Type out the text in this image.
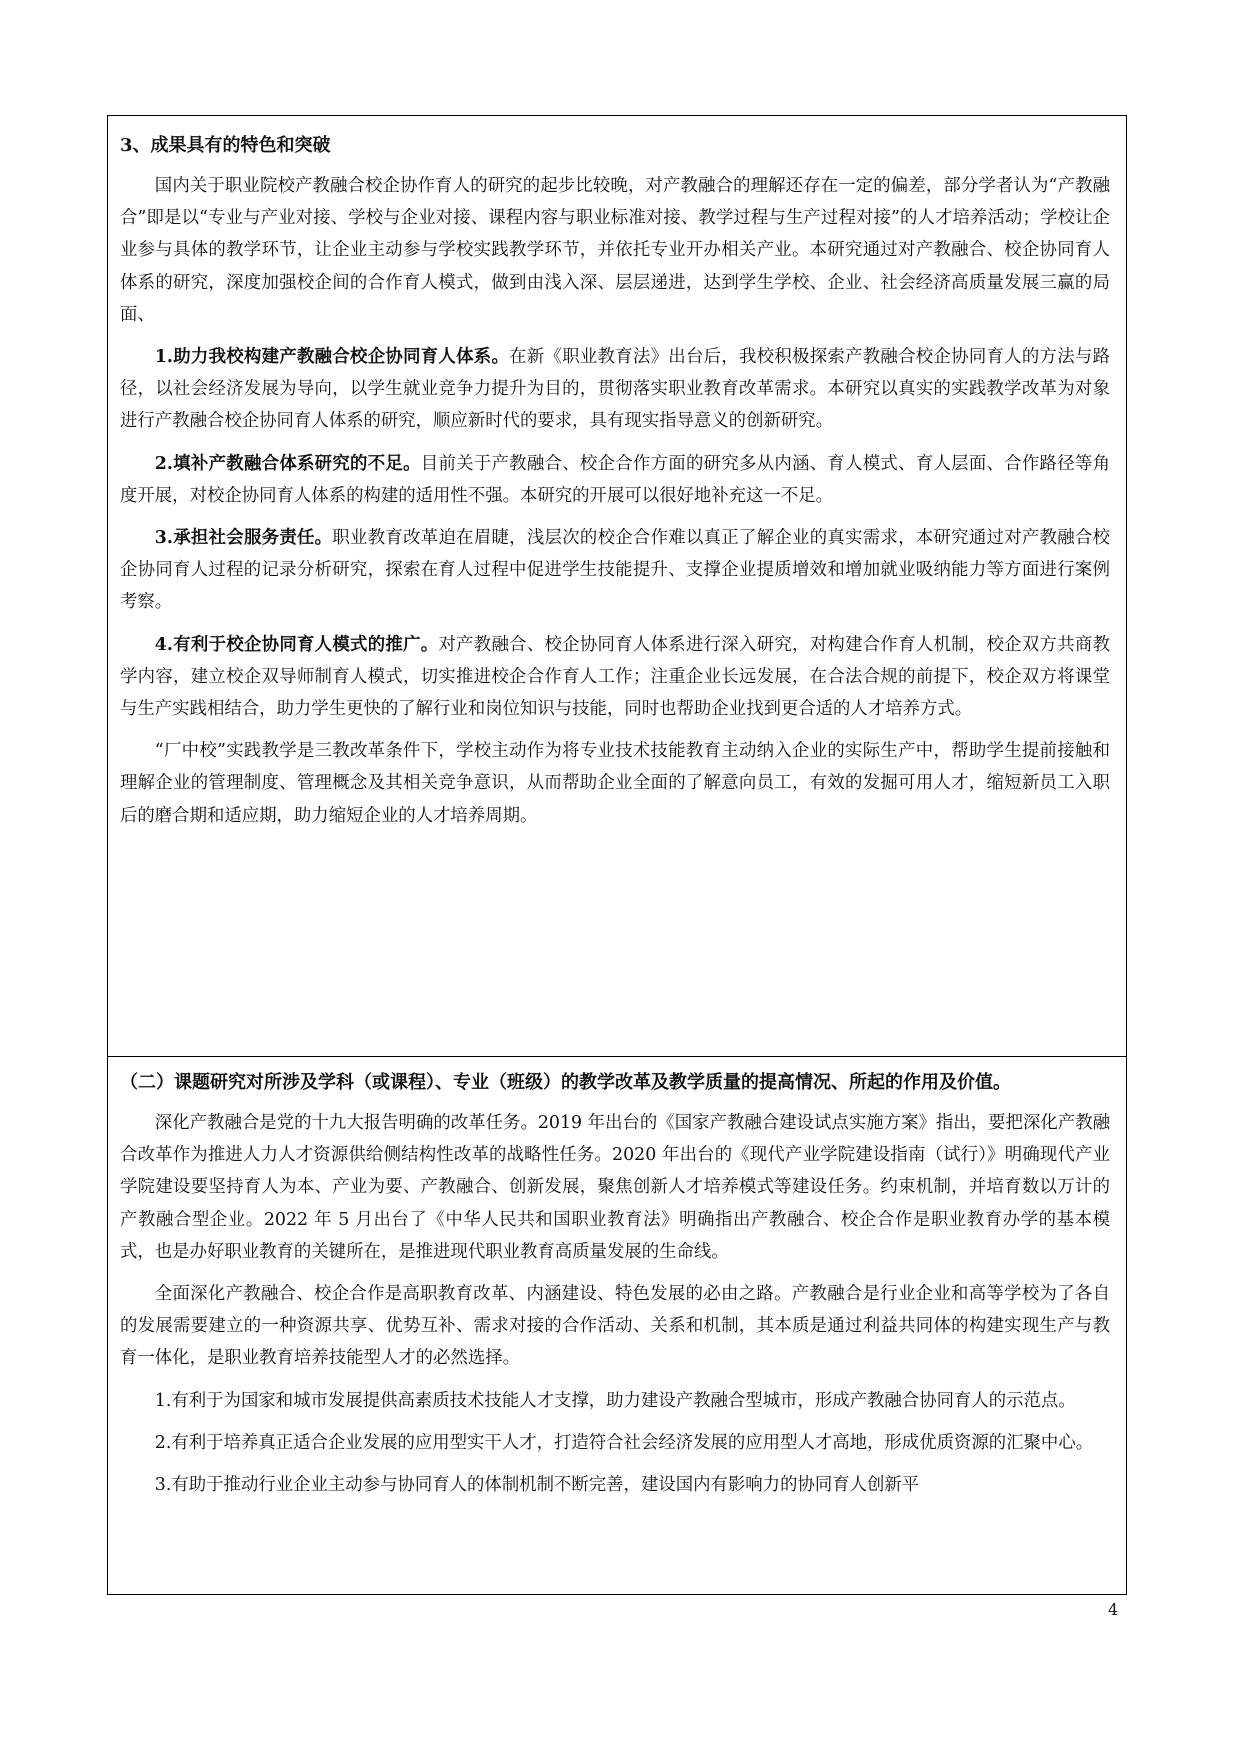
3、成果具有的特色和突破

国内关于职业院校产教融合校企协作育人的研究的起步比较晚，对产教融合的理解还存在一定的偏差，部分学者认为“产教融合”即是以“专业与产业对接、学校与企业对接、课程内容与职业标准对接、教学过程与生产过程对接”的人才培养活动；学校让企业参与具体的教学环节，让企业主动参与学校实践教学环节，并依托专业开办相关产业。本研究通过对产教融合、校企协同育人体系的研究，深度加强校企间的合作育人模式，做到由浅入深、层层递进，达到学生学校、企业、社会经济高质量发展三赢的局面、

1.助力我校构建产教融合校企协同育人体系。在新《职业教育法》出台后，我校积极探索产教融合校企协同育人的方法与路径，以社会经济发展为导向，以学生就业竞争力提升为目的，贯彻落实职业教育改革需求。本研究以真实的实践教学改革为对象进行产教融合校企协同育人体系的研究，顺应新时代的要求，具有现实指导意义的创新研究。

2.填补产教融合体系研究的不足。目前关于产教融合、校企合作方面的研究多从内涵、育人模式、育人层面、合作路径等角度开展，对校企协同育人体系的构建的适用性不强。本研究的开展可以很好地补充这一不足。

3.承担社会服务责任。职业教育改革迫在眉睫，浅层次的校企合作难以真正了解企业的真实需求，本研究通过对产教融合校企协同育人过程的记录分析研究，探索在育人过程中促进学生技能提升、支撑企业提质增效和增加就业吸纳能力等方面进行案例考察。

4.有利于校企协同育人模式的推广。对产教融合、校企协同育人体系进行深入研究，对构建合作育人机制，校企双方共商教学内容，建立校企双导师制育人模式，切实推进校企合作育人工作；注重企业长远发展，在合法合规的前提下，校企双方将课堂与生产实践相结合，助力学生更快的了解行业和岗位知识与技能，同时也帮助企业找到更合适的人才培养方式。

“厂中校”实践教学是三教改革条件下，学校主动作为将专业技术技能教育主动纳入企业的实际生产中，帮助学生提前接触和理解企业的管理制度、管理概念及其相关竞争意识，从而帮助企业全面的了解意向员工，有效的发掘可用人才，缩短新员工入职后的磨合期和适应期，助力缩短企业的人才培养周期。

（二）课题研究对所涉及学科（或课程）、专业（班级）的教学改革及教学质量的提高情况、所起的作用及价值。

深化产教融合是党的十九大报告明确的改革任务。2019 年出台的《国家产教融合建设试点实施方案》指出，要把深化产教融合改革作为推进人力人才资源供给侧结构性改革的战略性任务。2020 年出台的《现代产业学院建设指南（试行）》明确现代产业学院建设要坚持育人为本、产业为要、产教融合、创新发展，聚焦创新人才培养模式等建设任务。约束机制，并培育数以万计的产教融合型企业。2022 年 5 月出台了《中华人民共和国职业教育法》明确指出产教融合、校企合作是职业教育办学的基本模式，也是办好职业教育的关键所在，是推进现代职业教育高质量发展的生命线。

全面深化产教融合、校企合作是高职教育改革、内涵建设、特色发展的必由之路。产教融合是行业企业和高等学校为了各自的发展需要建立的一种资源共享、优势互补、需求对接的合作活动、关系和机制，其本质是通过利益共同体的构建实现生产与教育一体化，是职业教育培养技能型人才的必然选择。

1.有利于为国家和城市发展提供高素质技术技能人才支撑，助力建设产教融合型城市，形成产教融合协同育人的示范点。

2.有利于培养真正适合企业发展的应用型实干人才，打造符合社会经济发展的应用型人才高地，形成优质资源的汇聚中心。

3.有助于推动行业企业主动参与协同育人的体制机制不断完善，建设国内有影响力的协同育人创新平

4
